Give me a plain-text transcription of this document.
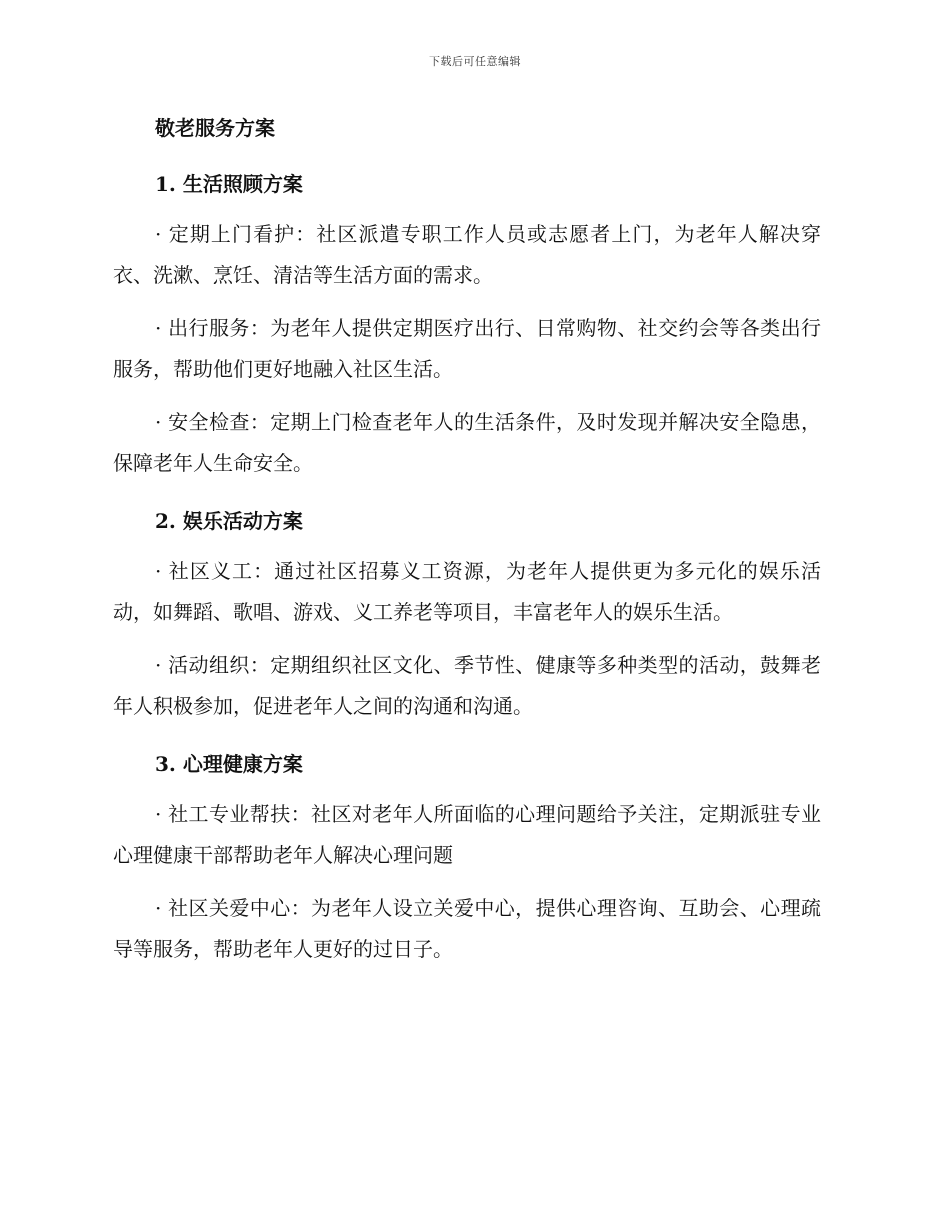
下载后可任意编辑
敬老服务方案
1. 生活照顾方案

· 定期上门看护：社区派遣专职工作人员或志愿者上门，为老年人解决穿衣、洗漱、烹饪、清洁等生活方面的需求。

· 出行服务：为老年人提供定期医疗出行、日常购物、社交约会等各类出行服务，帮助他们更好地融入社区生活。

· 安全检查：定期上门检查老年人的生活条件，及时发现并解决安全隐患，保障老年人生命安全。

2. 娱乐活动方案

· 社区义工：通过社区招募义工资源，为老年人提供更为多元化的娱乐活动，如舞蹈、歌唱、游戏、义工养老等项目，丰富老年人的娱乐生活。

· 活动组织：定期组织社区文化、季节性、健康等多种类型的活动，鼓舞老年人积极参加，促进老年人之间的沟通和沟通。

3. 心理健康方案

· 社工专业帮扶：社区对老年人所面临的心理问题给予关注，定期派驻专业心理健康干部帮助老年人解决心理问题

· 社区关爱中心：为老年人设立关爱中心，提供心理咨询、互助会、心理疏导等服务，帮助老年人更好的过日子。
